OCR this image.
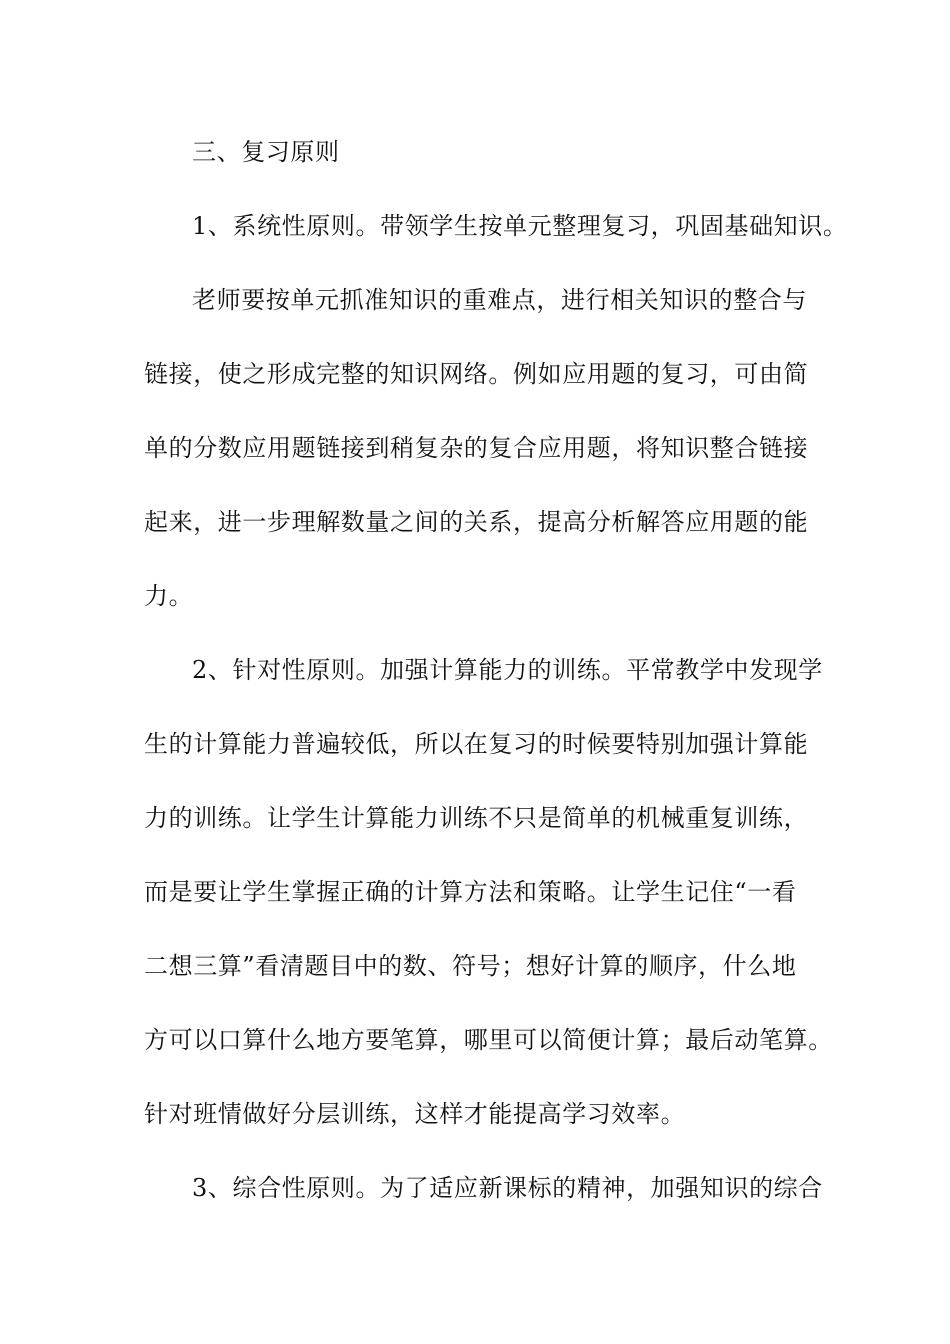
三、复习原则
1、系统性原则。带领学生按单元整理复习，巩固基础知识。
老师要按单元抓准知识的重难点，进行相关知识的整合与
链接，使之形成完整的知识网络。例如应用题的复习，可由简
单的分数应用题链接到稍复杂的复合应用题，将知识整合链接
起来，进一步理解数量之间的关系，提高分析解答应用题的能
力。
2、针对性原则。加强计算能力的训练。平常教学中发现学
生的计算能力普遍较低，所以在复习的时候要特别加强计算能
力的训练。让学生计算能力训练不只是简单的机械重复训练，
而是要让学生掌握正确的计算方法和策略。让学生记住“一看
二想三算”看清题目中的数、符号；想好计算的顺序，什么地
方可以口算什么地方要笔算，哪里可以简便计算；最后动笔算。
针对班情做好分层训练，这样才能提高学习效率。
3、综合性原则。为了适应新课标的精神，加强知识的综合
